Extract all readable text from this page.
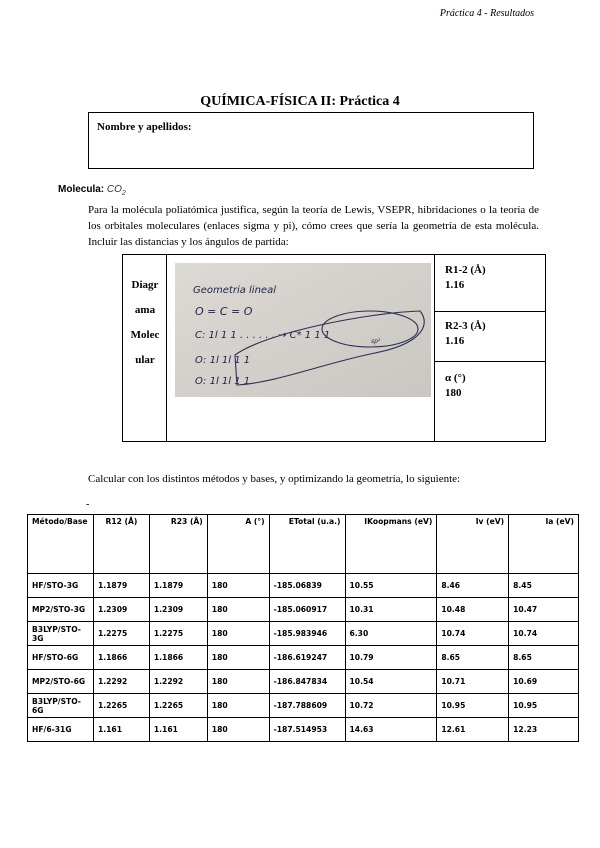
Práctica 4 - Resultados
QUÍMICA-FÍSICA II: Práctica 4
Nombre y apellidos:
Molecula: $CO_2$
Para la molécula poliatómica justifica, según la teoría de Lewis, VSEPR, hibridaciones o la teoría de los orbitales moleculares (enlaces sigma y pi), cómo crees que sería la geometría de esta molécula. Incluir las distancias y los ángulos de partida:
Diagr
ama
Molec
ular
Geometria lineal
O = C = O
C: 1l 1 1 . . . . . . → C* 1 1 1
sp²
O: 1l 1l 1 1
O: 1l 1l 1 1
R1-2 (Å)
1.16
R2-3 (Å)
1.16
α (°)
180
Calcular con los distintos métodos y bases, y optimizando la geometría, lo siguiente:
-
Método/Base	R12 (Å)	R23 (Å)	A (°)	ETotal (u.a.)	IKoopmans (eV)	Iv (eV)	Ia (eV)
HF/STO-3G	1.1879	1.1879	180	-185.06839	10.55	8.46	8.45
MP2/STO-3G	1.2309	1.2309	180	-185.060917	10.31	10.48	10.47
B3LYP/STO-3G	1.2275	1.2275	180	-185.983946	6.30	10.74	10.74
HF/STO-6G	1.1866	1.1866	180	-186.619247	10.79	8.65	8.65
MP2/STO-6G	1.2292	1.2292	180	-186.847834	10.54	10.71	10.69
B3LYP/STO-6G	1.2265	1.2265	180	-187.788609	10.72	10.95	10.95
HF/6-31G	1.161	1.161	180	-187.514953	14.63	12.61	12.23
